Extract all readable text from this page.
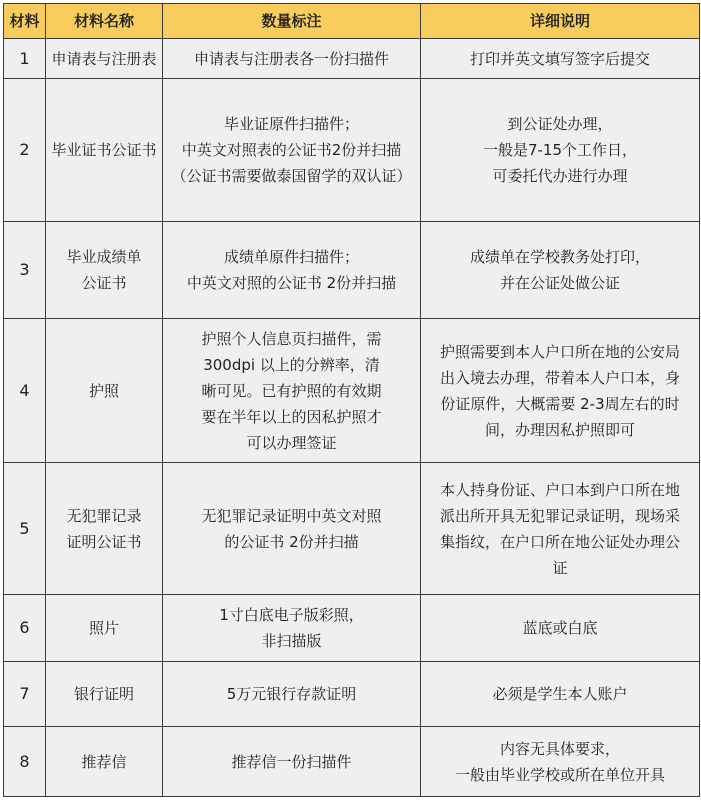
材料	材料名称	数量标注	详细说明
1	申请表与注册表	申请表与注册表各一份扫描件	打印并英文填写签字后提交

2	毕业证书公证书	毕业证原件扫描件；
中英文对照表的公证书2份并扫描
（公证书需要做泰国留学的双认证）	到公证处办理，
一般是7-15个工作日，
可委托代办进行办理

3	毕业成绩单
公证书	成绩单原件扫描件；
中英文对照的公证书 2份并扫描	成绩单在学校教务处打印，
并在公证处做公证

4	护照	护照个人信息页扫描件，需
300dpi 以上的分辨率，清
晰可见。已有护照的有效期
要在半年以上的因私护照才
可以办理签证	护照需要到本人户口所在地的公安局
出入境去办理，带着本人户口本，身
份证原件，大概需要 2-3周左右的时
间，办理因私护照即可

5	无犯罪记录
证明公证书	无犯罪记录证明中英文对照
的公证书 2份并扫描	本人持身份证、户口本到户口所在地
派出所开具无犯罪记录证明，现场采
集指纹，在户口所在地公证处办理公
证

6	照片	1寸白底电子版彩照，
非扫描版	蓝底或白底

7	银行证明	5万元银行存款证明	必须是学生本人账户

8	推荐信	推荐信一份扫描件	内容无具体要求，
一般由毕业学校或所在单位开具
